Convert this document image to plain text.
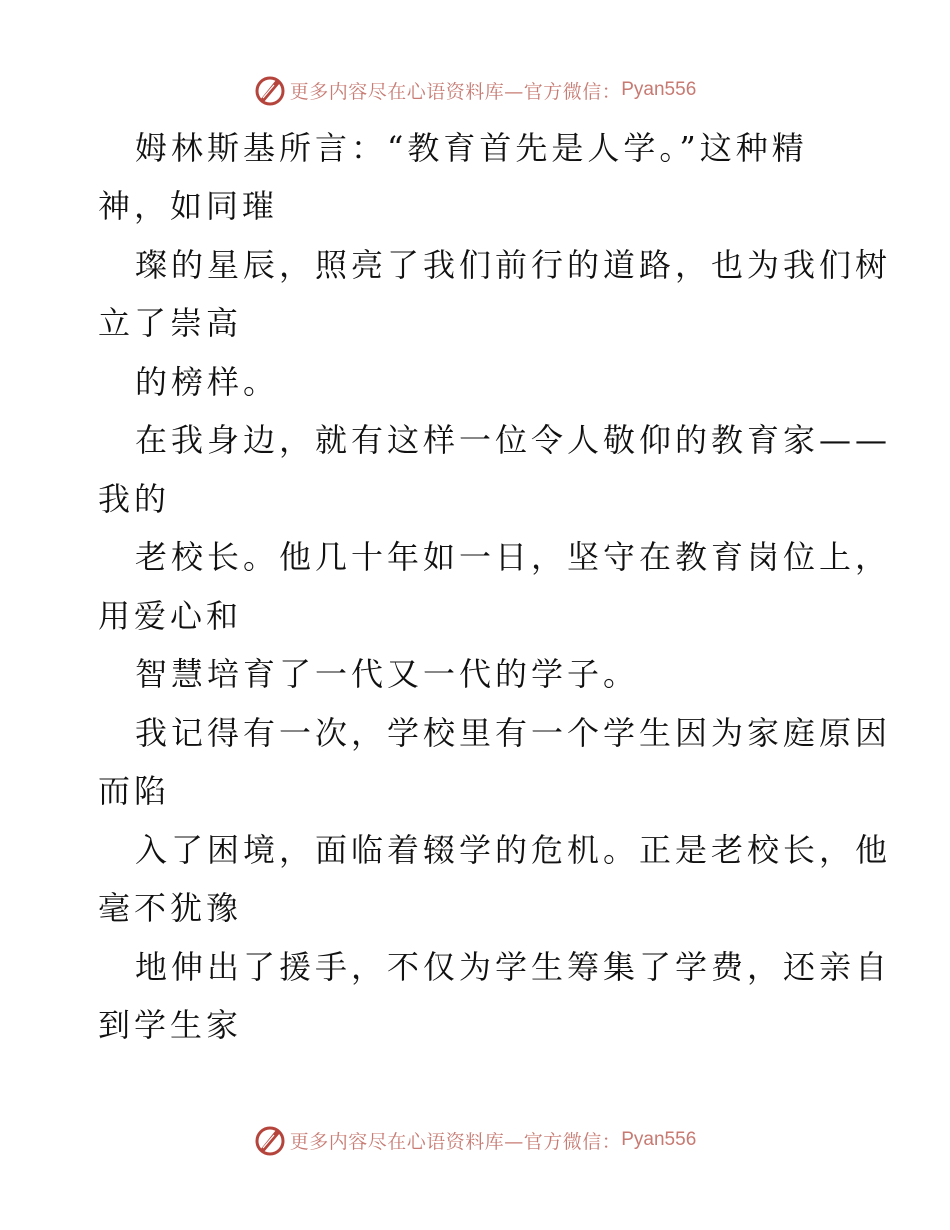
更多内容尽在心语资料库—官方微信： Pyan556
姆林斯基所言：“教育首先是人学。”这种精
神，如同璀
璨的星辰，照亮了我们前行的道路，也为我们树
立了崇高
的榜样。
在我身边，就有这样一位令人敬仰的教育家——
我的
老校长。他几十年如一日，坚守在教育岗位上，
用爱心和
智慧培育了一代又一代的学子。
我记得有一次，学校里有一个学生因为家庭原因
而陷
入了困境，面临着辍学的危机。正是老校长，他
毫不犹豫
地伸出了援手，不仅为学生筹集了学费，还亲自
到学生家
更多内容尽在心语资料库—官方微信： Pyan556
